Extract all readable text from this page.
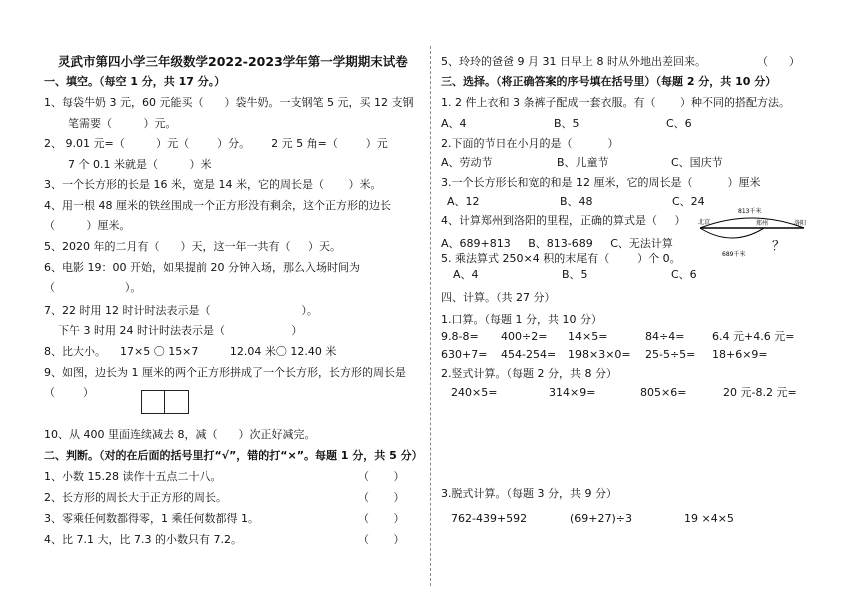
灵武市第四小学三年级数学2022-2023学年第一学期期末试卷
一、填空。（每空 1 分，共 17 分。）
1、每袋牛奶 3 元，60 元能买（      ）袋牛奶。一支钢笔 5 元，买 12 支钢
笔需要（         ）元。
2、 9.01 元=（         ）元（        ）分。      2 元 5 角=（        ）元
7 个 0.1 米就是（         ）米
3、一个长方形的长是 16 米，宽是 14 米，它的周长是（       ）米。
4、用一根 48 厘米的铁丝围成一个正方形没有剩余，这个正方形的边长
（         ）厘米。
5、2020 年的二月有（      ）天，这一年一共有（     ）天。
6、电影 19：00 开始，如果提前 20 分钟入场，那么入场时间为
（                    ）。
7、22 时用 12 时计时法表示是（                          ）。
下午 3 时用 24 时计时法表示是（                   ）
8、比大小。    17×5 〇 15×7         12.04 米〇 12.40 米
9、如图，边长为 1 厘米的两个正方形拼成了一个长方形，长方形的周长是
（        ）
10、从 400 里面连续减去 8，减（      ）次正好减完。
二、判断。（对的在后面的括号里打“√”，错的打“×”。每题 1 分，共 5 分）
1、小数 15.28 读作十五点二十八。	（       ）
2、长方形的周长大于正方形的周长。	（       ）
3、零乘任何数都得零，1 乘任何数都得 1。	（       ）
4、比 7.1 大，比 7.3 的小数只有 7.2。	（       ）
5、玲玲的爸爸 9 月 31 日早上 8 时从外地出差回来。	（      ）
三、选择。（将正确答案的序号填在括号里）（每题 2 分，共 10 分）
1. 2 件上衣和 3 条裤子配成一套衣服。有（       ）种不同的搭配方法。
A、4	B、5	C、6
2.下面的节日在小月的是（          ）
A、劳动节	B、儿童节	C、国庆节
3.一个长方形长和宽的和是 12 厘米，它的周长是（          ）厘米
A、12	B、48	C、24
4、计算郑州到洛阳的里程，正确的算式是（     ）
A、689+813     B、813-689     C、无法计算
5. 乘法算式 250×4 积的末尾有（        ）个 0。
A、4	B、5	C、6
813千米
689千米
北京	郑州	洛阳
？
四、计算。（共 27 分）
1.口算。（每题 1 分，共 10 分）
9.8-8= 400÷2= 14×5=	84÷4=	6.4 元+4.6 元=
630+7= 454-254= 198×3×0= 25-5÷5= 18+6×9=
2.竖式计算。（每题 2 分，共 8 分）
240×5=	314×9=	805×6=	20 元-8.2 元=
3.脱式计算。（每题 3 分，共 9 分）
762-439+592	(69+27)÷3	19 ×4×5
